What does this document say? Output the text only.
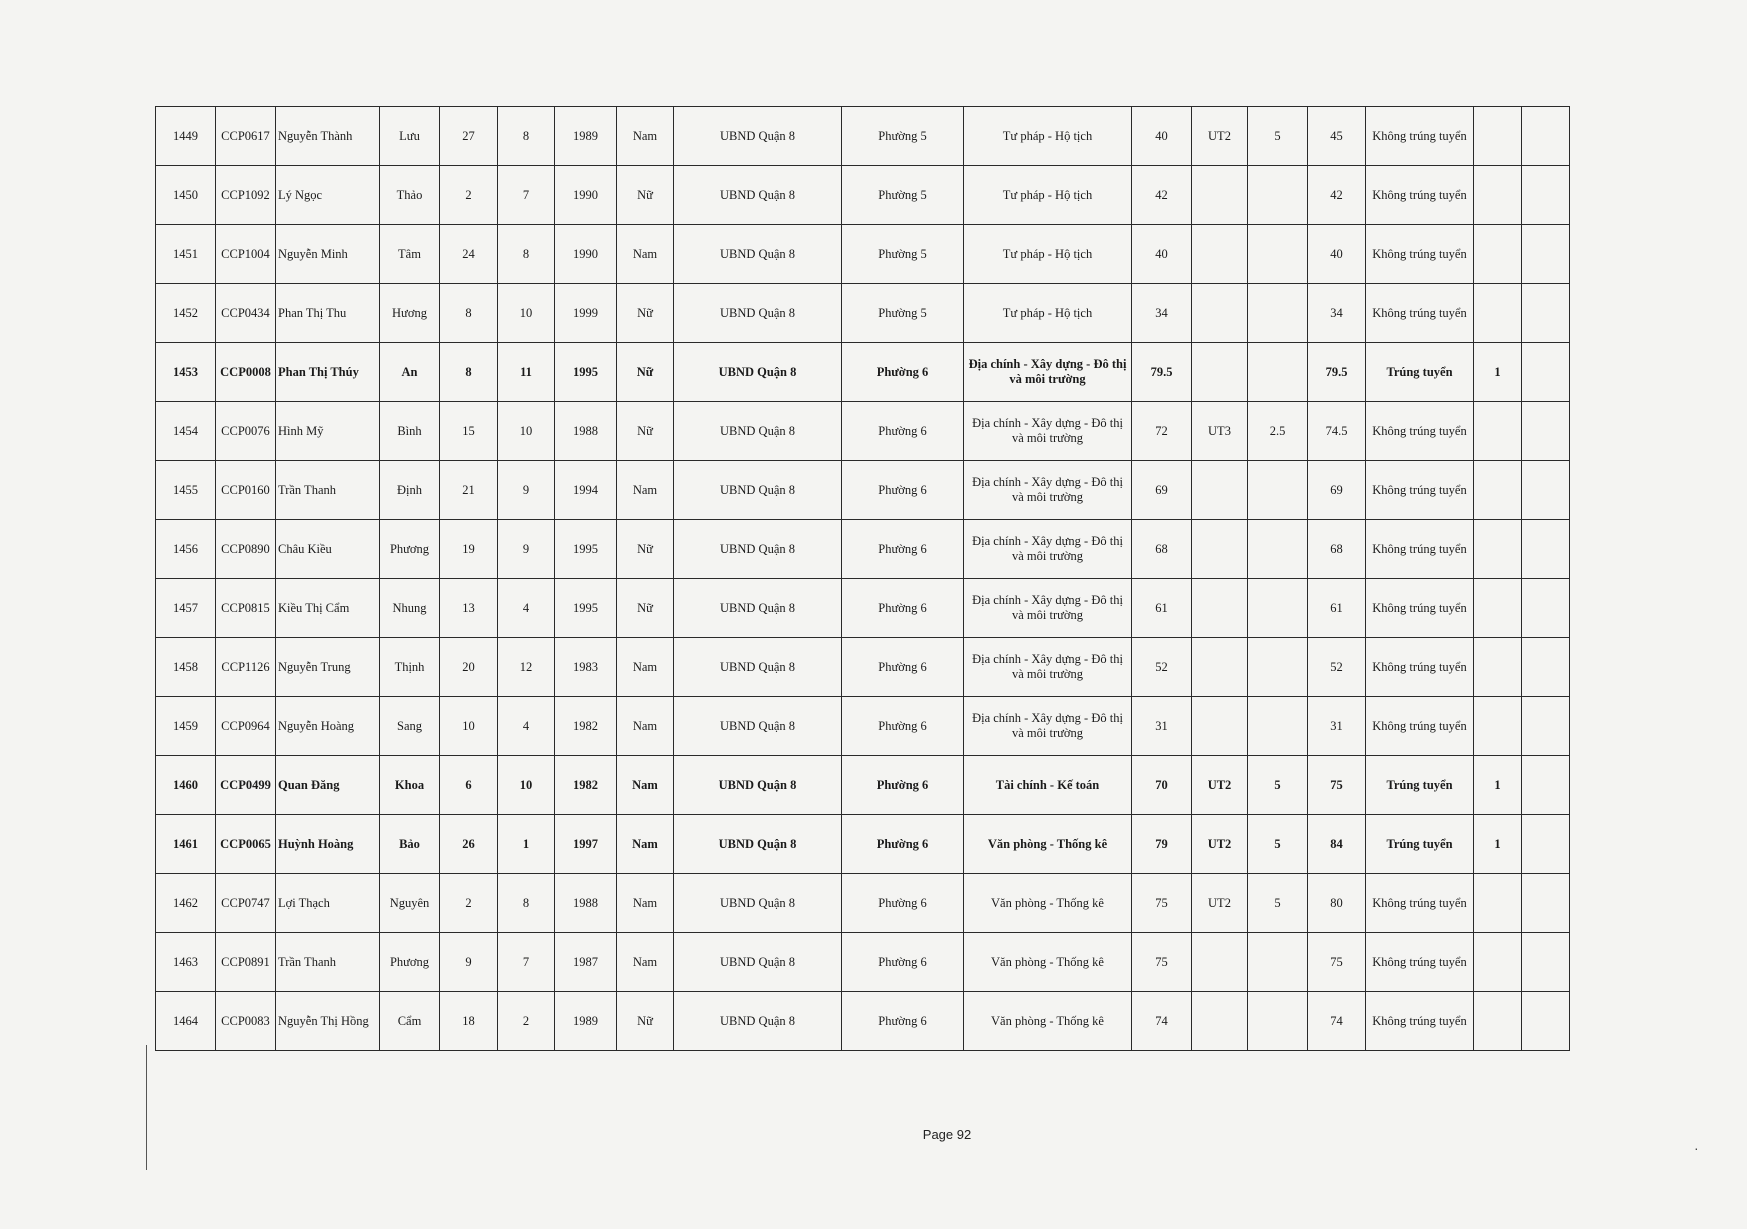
·
1449	CCP0617	Nguyễn Thành	Lưu	27	8	1989	Nam	UBND Quận 8	Phường 5	Tư pháp - Hộ tịch	40	UT2	5	45	Không trúng tuyển		
1450	CCP1092	Lý Ngọc	Thảo	2	7	1990	Nữ	UBND Quận 8	Phường 5	Tư pháp - Hộ tịch	42			42	Không trúng tuyển		
1451	CCP1004	Nguyễn Minh	Tâm	24	8	1990	Nam	UBND Quận 8	Phường 5	Tư pháp - Hộ tịch	40			40	Không trúng tuyển		
1452	CCP0434	Phan Thị Thu	Hương	8	10	1999	Nữ	UBND Quận 8	Phường 5	Tư pháp - Hộ tịch	34			34	Không trúng tuyển		
1453	CCP0008	Phan Thị Thúy	An	8	11	1995	Nữ	UBND Quận 8	Phường 6	Địa chính - Xây dựng - Đô thị và môi trường	79.5			79.5	Trúng tuyển	1	
1454	CCP0076	Hình Mỹ	Bình	15	10	1988	Nữ	UBND Quận 8	Phường 6	Địa chính - Xây dựng - Đô thị và môi trường	72	UT3	2.5	74.5	Không trúng tuyển		
1455	CCP0160	Trần Thanh	Định	21	9	1994	Nam	UBND Quận 8	Phường 6	Địa chính - Xây dựng - Đô thị và môi trường	69			69	Không trúng tuyển		
1456	CCP0890	Châu Kiều	Phương	19	9	1995	Nữ	UBND Quận 8	Phường 6	Địa chính - Xây dựng - Đô thị và môi trường	68			68	Không trúng tuyển		
1457	CCP0815	Kiều Thị Cẩm	Nhung	13	4	1995	Nữ	UBND Quận 8	Phường 6	Địa chính - Xây dựng - Đô thị và môi trường	61			61	Không trúng tuyển		
1458	CCP1126	Nguyễn Trung	Thịnh	20	12	1983	Nam	UBND Quận 8	Phường 6	Địa chính - Xây dựng - Đô thị và môi trường	52			52	Không trúng tuyển		
1459	CCP0964	Nguyễn Hoàng	Sang	10	4	1982	Nam	UBND Quận 8	Phường 6	Địa chính - Xây dựng - Đô thị và môi trường	31			31	Không trúng tuyển		
1460	CCP0499	Quan Đăng	Khoa	6	10	1982	Nam	UBND Quận 8	Phường 6	Tài chính - Kế toán	70	UT2	5	75	Trúng tuyển	1	
1461	CCP0065	Huỳnh Hoàng	Bảo	26	1	1997	Nam	UBND Quận 8	Phường 6	Văn phòng - Thống kê	79	UT2	5	84	Trúng tuyển	1	
1462	CCP0747	Lợi Thạch	Nguyên	2	8	1988	Nam	UBND Quận 8	Phường 6	Văn phòng - Thống kê	75	UT2	5	80	Không trúng tuyển		
1463	CCP0891	Trần Thanh	Phương	9	7	1987	Nam	UBND Quận 8	Phường 6	Văn phòng - Thống kê	75			75	Không trúng tuyển		
1464	CCP0083	Nguyễn Thị Hồng	Cẩm	18	2	1989	Nữ	UBND Quận 8	Phường 6	Văn phòng - Thống kê	74			74	Không trúng tuyển		
Page 92
